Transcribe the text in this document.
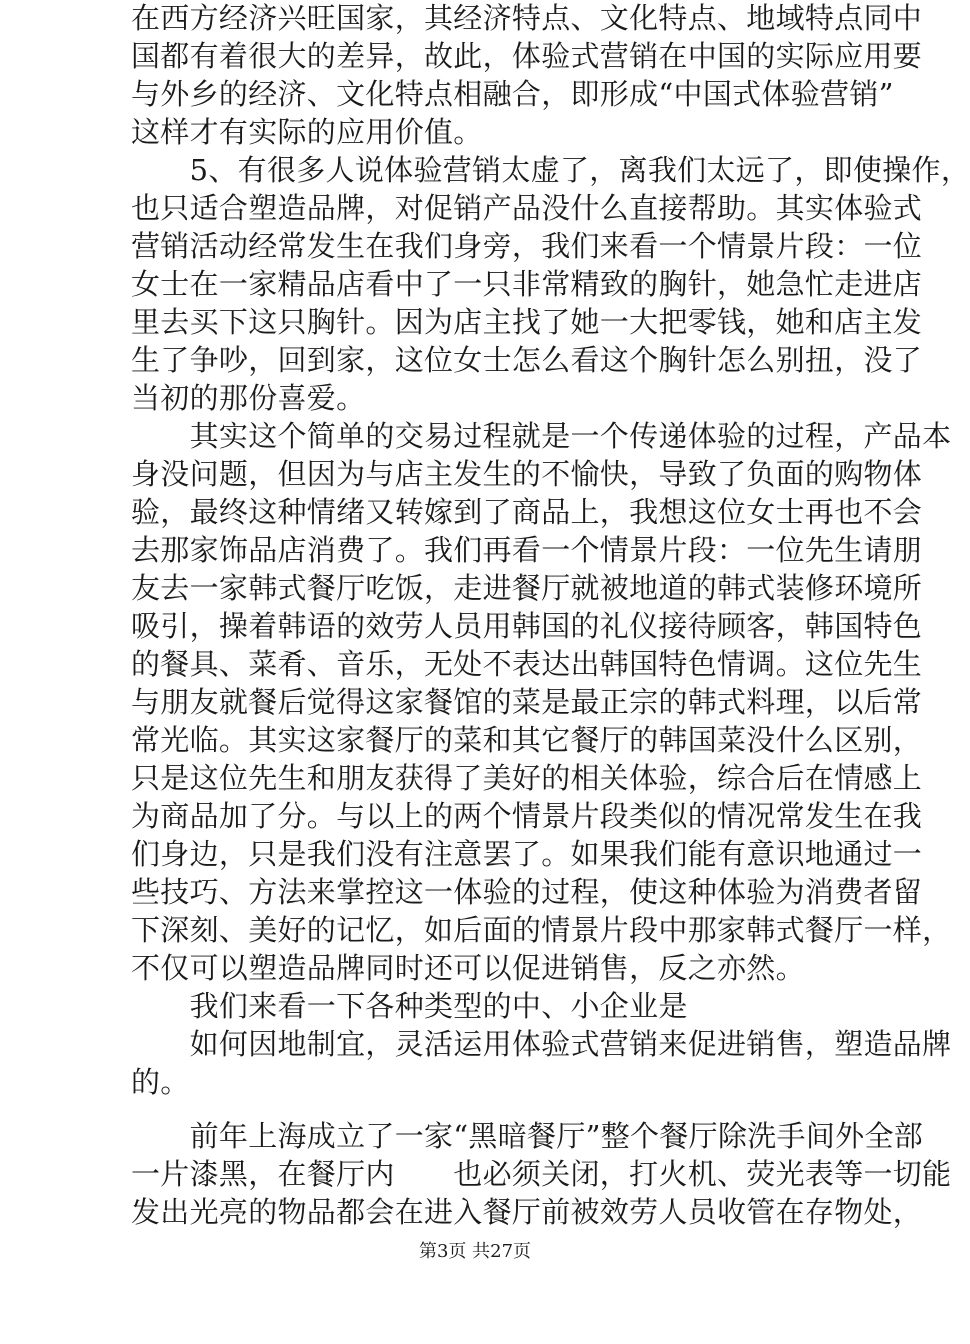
在西方经济兴旺国家，其经济特点、文化特点、地域特点同中
国都有着很大的差异，故此，体验式营销在中国的实际应用要
与外乡的经济、文化特点相融合，即形成“中国式体验营销”
这样才有实际的应用价值。
　　5、有很多人说体验营销太虚了，离我们太远了，即使操作，
也只适合塑造品牌，对促销产品没什么直接帮助。其实体验式
营销活动经常发生在我们身旁，我们来看一个情景片段：一位
女士在一家精品店看中了一只非常精致的胸针，她急忙走进店
里去买下这只胸针。因为店主找了她一大把零钱，她和店主发
生了争吵，回到家，这位女士怎么看这个胸针怎么别扭，没了
当初的那份喜爱。
　　其实这个简单的交易过程就是一个传递体验的过程，产品本
身没问题，但因为与店主发生的不愉快，导致了负面的购物体
验，最终这种情绪又转嫁到了商品上，我想这位女士再也不会
去那家饰品店消费了。我们再看一个情景片段：一位先生请朋
友去一家韩式餐厅吃饭，走进餐厅就被地道的韩式装修环境所
吸引，操着韩语的效劳人员用韩国的礼仪接待顾客，韩国特色
的餐具、菜肴、音乐，无处不表达出韩国特色情调。这位先生
与朋友就餐后觉得这家餐馆的菜是最正宗的韩式料理，以后常
常光临。其实这家餐厅的菜和其它餐厅的韩国菜没什么区别，
只是这位先生和朋友获得了美好的相关体验，综合后在情感上
为商品加了分。与以上的两个情景片段类似的情况常发生在我
们身边，只是我们没有注意罢了。如果我们能有意识地通过一
些技巧、方法来掌控这一体验的过程，使这种体验为消费者留
下深刻、美好的记忆，如后面的情景片段中那家韩式餐厅一样，
不仅可以塑造品牌同时还可以促进销售，反之亦然。
　　我们来看一下各种类型的中、小企业是
　　如何因地制宜，灵活运用体验式营销来促进销售，塑造品牌
的。
　　前年上海成立了一家“黑暗餐厅”整个餐厅除洗手间外全部
一片漆黑，在餐厅内　　也必须关闭，打火机、荧光表等一切能
发出光亮的物品都会在进入餐厅前被效劳人员收管在存物处，
第3页 共27页
